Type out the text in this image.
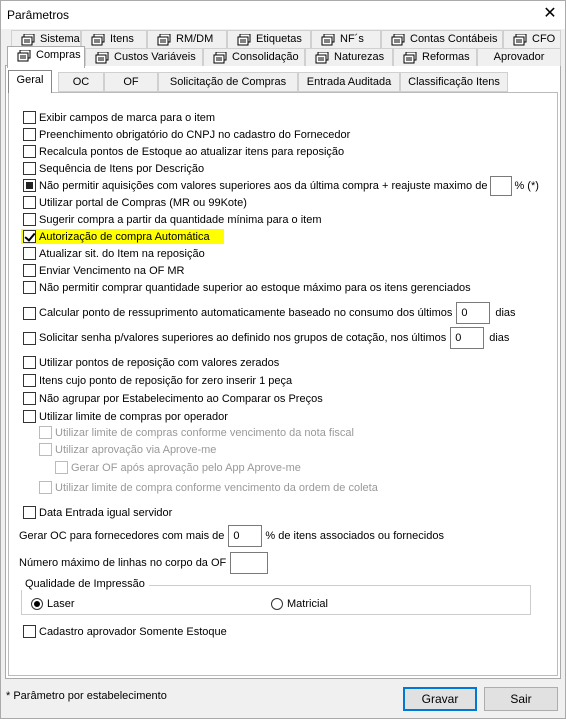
Parâmetros	✕
Sistema	Itens	RM/DM	Etiquetas	NF´s	Contas Contábeis	CFO
Compras	Custos Variáveis	Consolidação	Naturezas	Reformas	Aprovador
Geral	OC	OF	Solicitação de Compras	Entrada Auditada	Classificação Itens
Exibir campos de marca para o item
Preenchimento obrigatório do CNPJ no cadastro do Fornecedor
Recalcula pontos de Estoque ao atualizar itens para reposição
Sequência de Itens por Descrição
Não permitir aquisições com valores superiores aos da última compra + reajuste maximo de % (*)
Utilizar portal de Compras (MR ou 99Kote)
Sugerir compra a partir da quantidade mínima para o item
Autorização de compra Automática
Atualizar sit. do Item na reposição
Enviar Vencimento na OF MR
Não permitir comprar quantidade superior ao estoque máximo para os itens gerenciados
Calcular ponto de ressuprimento automaticamente baseado no consumo dos últimos
0	dias
Solicitar senha p/valores superiores ao definido nos grupos de cotação, nos últimos
0	dias
Utilizar pontos de reposição com valores zerados
Itens cujo ponto de reposição for zero inserir 1 peça
Não agrupar por Estabelecimento ao Comparar os Preços
Utilizar limite de compras por operador
Utilizar limite de compras conforme vencimento da nota fiscal
Utilizar aprovação via Aprove-me
Gerar OF após aprovação pelo App Aprove-me
Utilizar limite de compra conforme vencimento da ordem de coleta
Data Entrada igual servidor
Gerar OC para fornecedores com mais de
0	% de itens associados ou fornecidos
Número máximo de linhas no corpo da OF
Qualidade de Impressão
Laser	Matricial
Cadastro aprovador Somente Estoque
* Parâmetro por estabelecimento	Gravar	Sair
